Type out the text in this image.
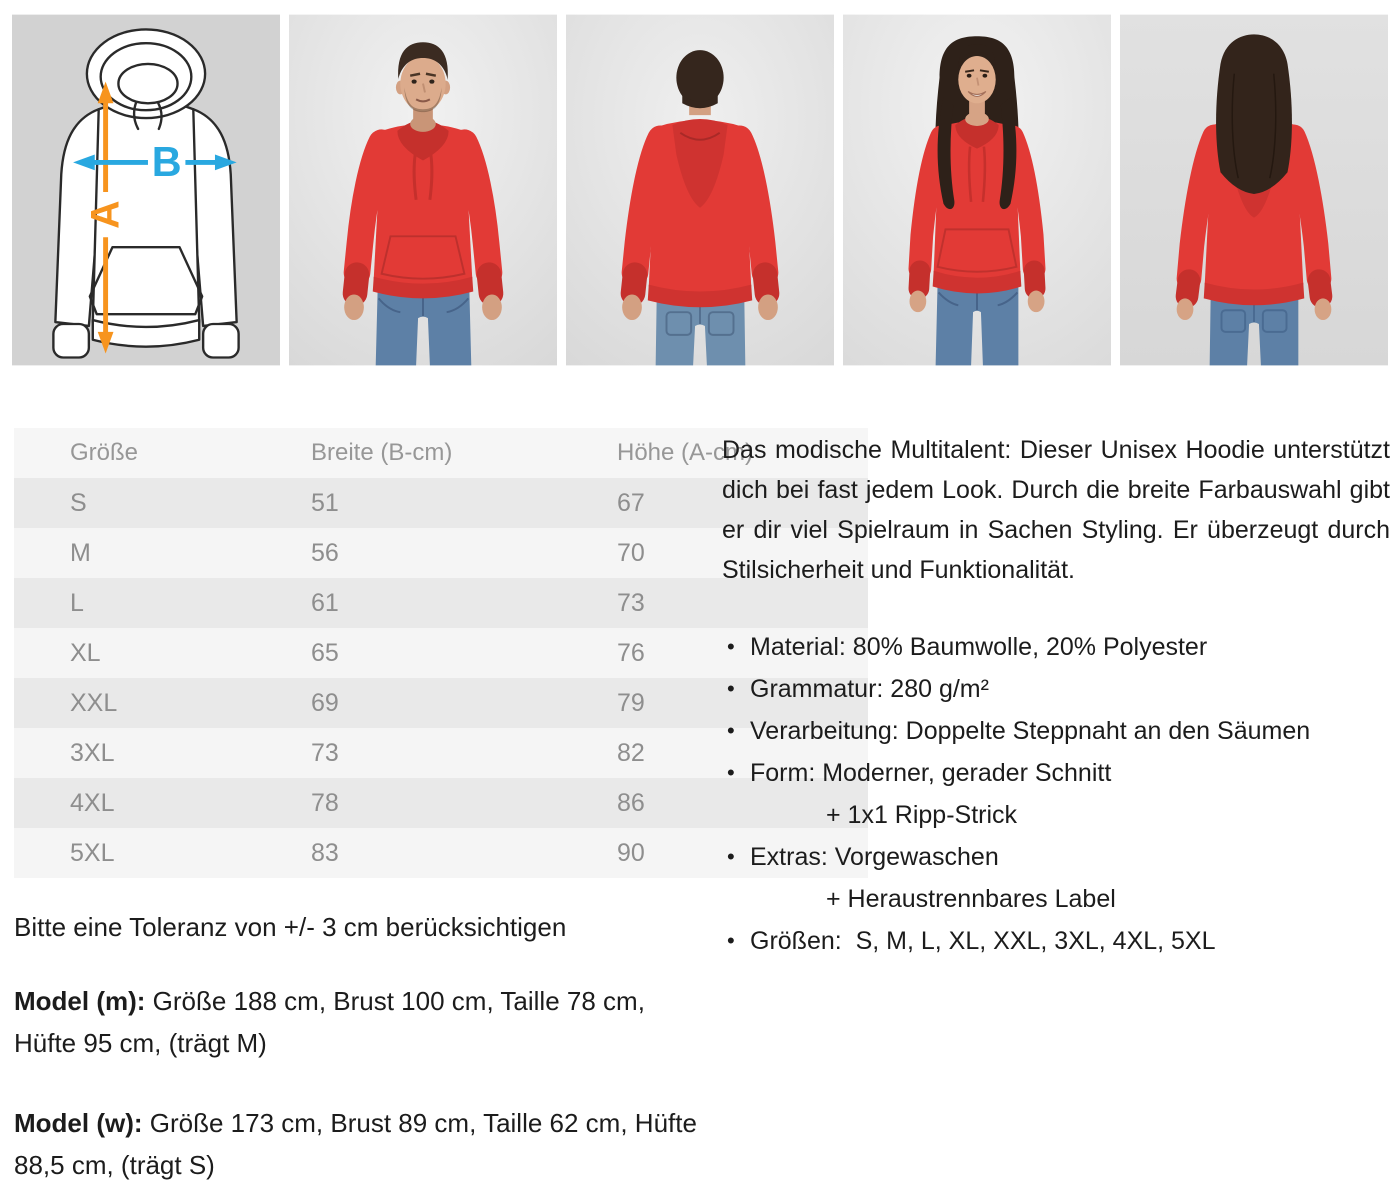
A
B
Größe	Breite (B-cm)	Höhe (A-cm)
S	51	67
M	56	70
L	61	73
XL	65	76
XXL	69	79
3XL	73	82
4XL	78	86
5XL	83	90

Das modische Multitalent: Dieser Unisex Hoodie unterstützt dich bei fast jedem Look. Durch die breite Farbauswahl gibt er dir viel Spielraum in Sachen Styling. Er überzeugt durch Stilsicherheit und Funktionalität.

• Material: 80% Baumwolle, 20% Polyester
• Grammatur: 280 g/m²
• Verarbeitung: Doppelte Steppnaht an den Säumen
• Form: Moderner, gerader Schnitt
+ 1x1 Ripp-Strick
• Extras: Vorgewaschen
+ Heraustrennbares Label
• Größen:  S, M, L, XL, XXL, 3XL, 4XL, 5XL

Bitte eine Toleranz von +/- 3 cm berücksichtigen

Model (m): Größe 188 cm, Brust 100 cm, Taille 78 cm, Hüfte 95 cm, (trägt M)

Model (w): Größe 173 cm, Brust 89 cm, Taille 62 cm, Hüfte 88,5 cm, (trägt S)
